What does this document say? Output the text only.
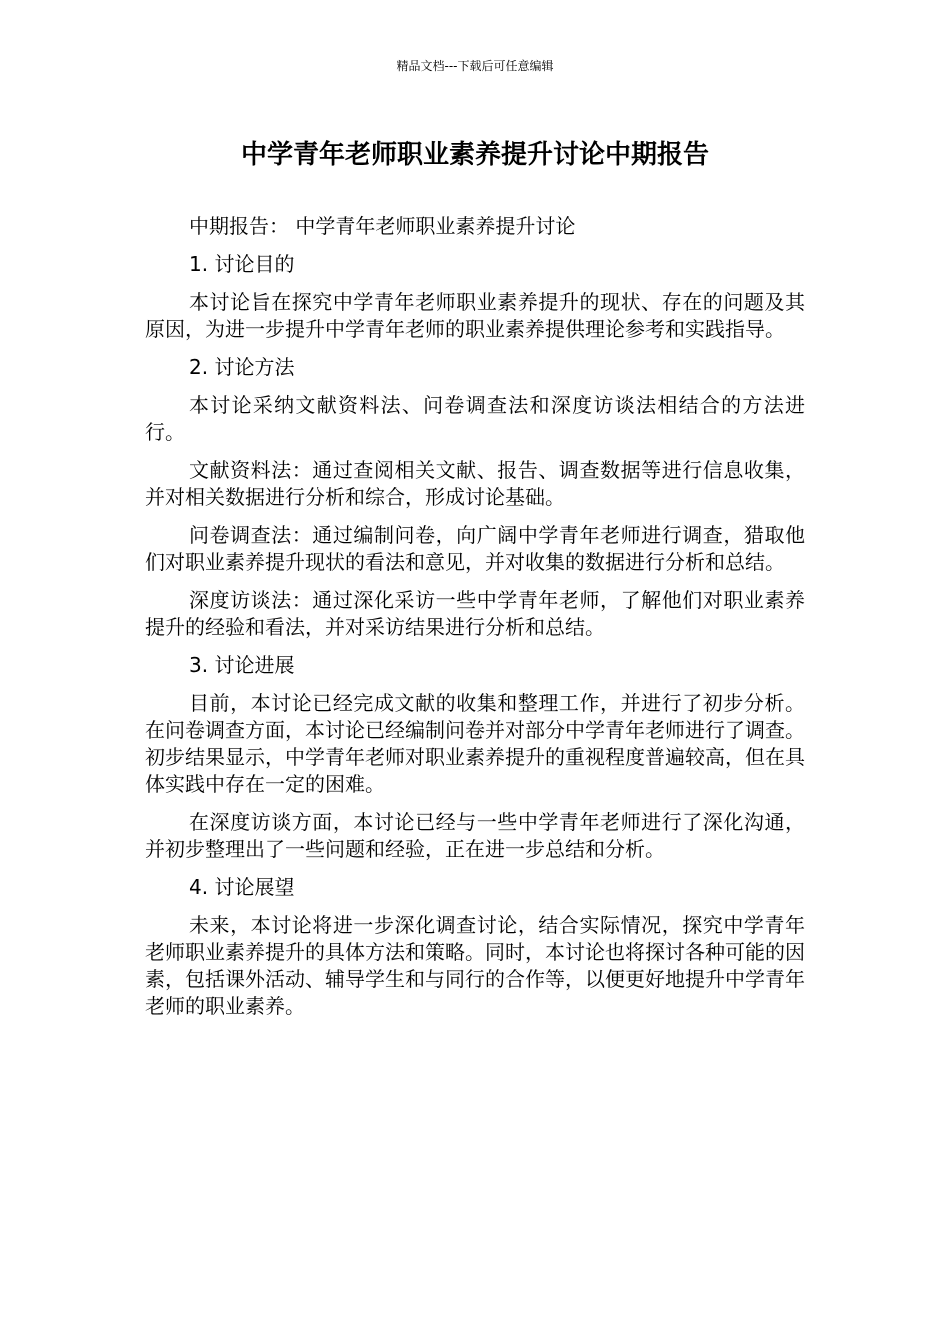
精品文档---下载后可任意编辑
中学青年老师职业素养提升讨论中期报告

中期报告： 中学青年老师职业素养提升讨论

1. 讨论目的

本讨论旨在探究中学青年老师职业素养提升的现状、存在的问题及其原因，为进一步提升中学青年老师的职业素养提供理论参考和实践指导。

2. 讨论方法

本讨论采纳文献资料法、问卷调查法和深度访谈法相结合的方法进行。

文献资料法：通过查阅相关文献、报告、调查数据等进行信息收集，并对相关数据进行分析和综合，形成讨论基础。

问卷调查法：通过编制问卷，向广阔中学青年老师进行调查，猎取他们对职业素养提升现状的看法和意见，并对收集的数据进行分析和总结。

深度访谈法：通过深化采访一些中学青年老师，了解他们对职业素养提升的经验和看法，并对采访结果进行分析和总结。

3. 讨论进展

目前，本讨论已经完成文献的收集和整理工作，并进行了初步分析。在问卷调查方面，本讨论已经编制问卷并对部分中学青年老师进行了调查。初步结果显示，中学青年老师对职业素养提升的重视程度普遍较高，但在具体实践中存在一定的困难。

在深度访谈方面，本讨论已经与一些中学青年老师进行了深化沟通，并初步整理出了一些问题和经验，正在进一步总结和分析。

4. 讨论展望

未来，本讨论将进一步深化调查讨论，结合实际情况，探究中学青年老师职业素养提升的具体方法和策略。同时，本讨论也将探讨各种可能的因素，包括课外活动、辅导学生和与同行的合作等，以便更好地提升中学青年老师的职业素养。
